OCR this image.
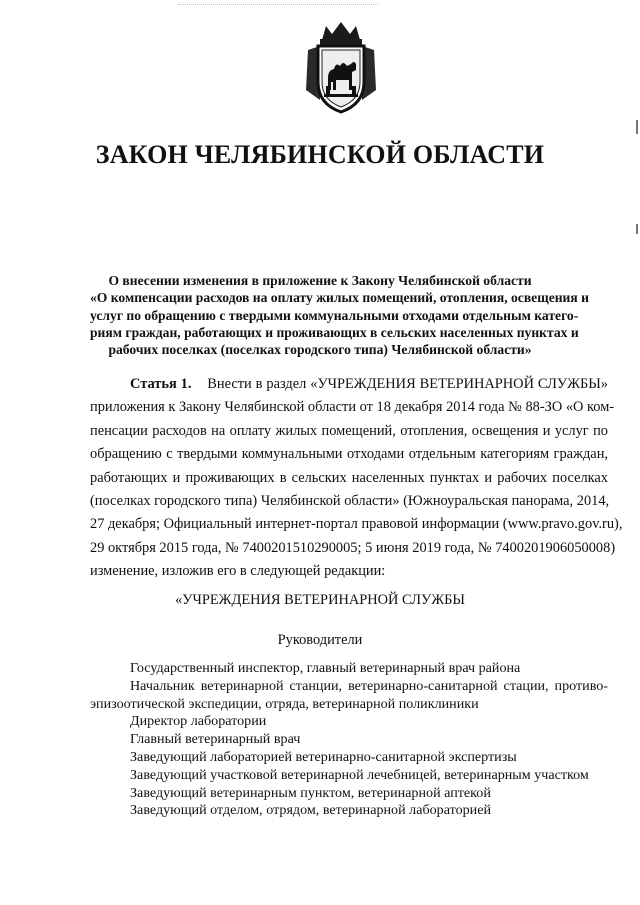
ЗАКОН ЧЕЛЯБИНСКОЙ ОБЛАСТИ
О внесении изменения в приложение к Закону Челябинской области
«О компенсации расходов на оплату жилых помещений, отопления, освещения и
услуг по обращению с твердыми коммунальными отходами отдельным катего-
риям граждан, работающих и проживающих в сельских населенных пунктах и
рабочих поселках (поселках городского типа) Челябинской области»
Статья 1. Внести в раздел «УЧРЕЖДЕНИЯ ВЕТЕРИНАРНОЙ СЛУЖБЫ»
приложения к Закону Челябинской области от 18 декабря 2014 года № 88-ЗО «О ком-
пенсации расходов на оплату жилых помещений, отопления, освещения и услуг по
обращению с твердыми коммунальными отходами отдельным категориям граждан,
работающих и проживающих в сельских населенных пунктах и рабочих поселках
(поселках городского типа) Челябинской области» (Южноуральская панорама, 2014,
27 декабря; Официальный интернет-портал правовой информации (www.pravo.gov.ru),
29 октября 2015 года, № 7400201510290005; 5 июня 2019 года, № 7400201906050008)
изменение, изложив его в следующей редакции:
«УЧРЕЖДЕНИЯ ВЕТЕРИНАРНОЙ СЛУЖБЫ
Руководители
Государственный инспектор, главный ветеринарный врач района
Начальник ветеринарной станции, ветеринарно-санитарной стации, противо-
эпизоотической экспедиции, отряда, ветеринарной поликлиники
Директор лаборатории
Главный ветеринарный врач
Заведующий лабораторией ветеринарно-санитарной экспертизы
Заведующий участковой ветеринарной лечебницей, ветеринарным участком
Заведующий ветеринарным пунктом, ветеринарной аптекой
Заведующий отделом, отрядом, ветеринарной лабораторией
